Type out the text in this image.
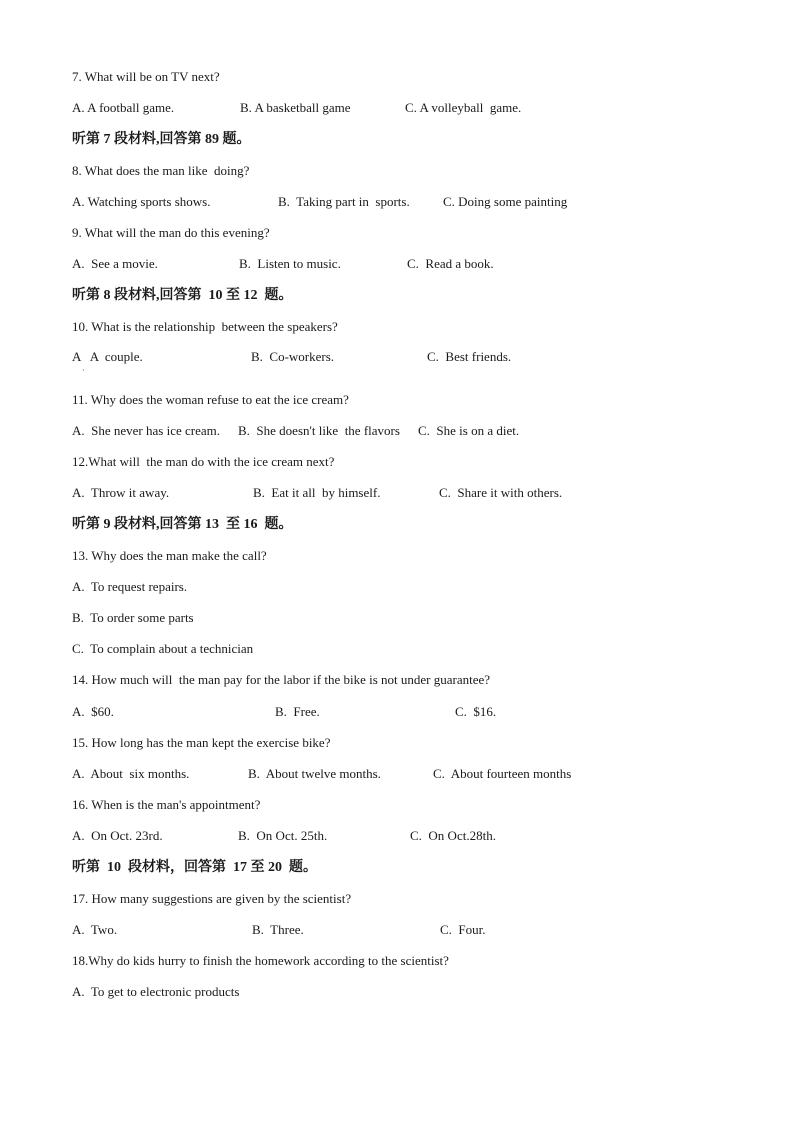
7. What will be on TV next?
A. A football game.	B. A basketball game	C. A volleyball  game.
听第 7 段材料,回答第 89 题。
8. What does the man like  doing?
A. Watching sports shows.	B.  Taking part in  sports.	C. Doing some painting
9. What will the man do this evening?
A.  See a movie.	B.  Listen to music.	C.  Read a book.
听第 8 段材料,回答第  10 至 12  题。
10. What is the relationship  between the speakers?
A   A  couple.	B.  Co-workers.	C.  Best friends.
11. Why does the woman refuse to eat the ice cream?
A.  She never has ice cream. B.  She doesn't like  the flavors C.  She is on a diet.
12.What will  the man do with the ice cream next?
A.  Throw it away.	B.  Eat it all  by himself.	C.  Share it with others.
听第 9 段材料,回答第 13  至 16  题。
13. Why does the man make the call?
A.  To request repairs.
B.  To order some parts
C.  To complain about a technician
14. How much will  the man pay for the labor if the bike is not under guarantee?
A.  $60.	B.  Free.	C.  $16.
15. How long has the man kept the exercise bike?
A.  About  six months.	B.  About twelve months.	C.  About fourteen months
16. When is the man's appointment?
A.  On Oct. 23rd.	B.  On Oct. 25th.	C.  On Oct.28th.
听第  10  段材料，回答第  17 至 20  题。
17. How many suggestions are given by the scientist?
A.  Two.	B.  Three.	C.  Four.
18.Why do kids hurry to finish the homework according to the scientist?
A.  To get to electronic products
·
